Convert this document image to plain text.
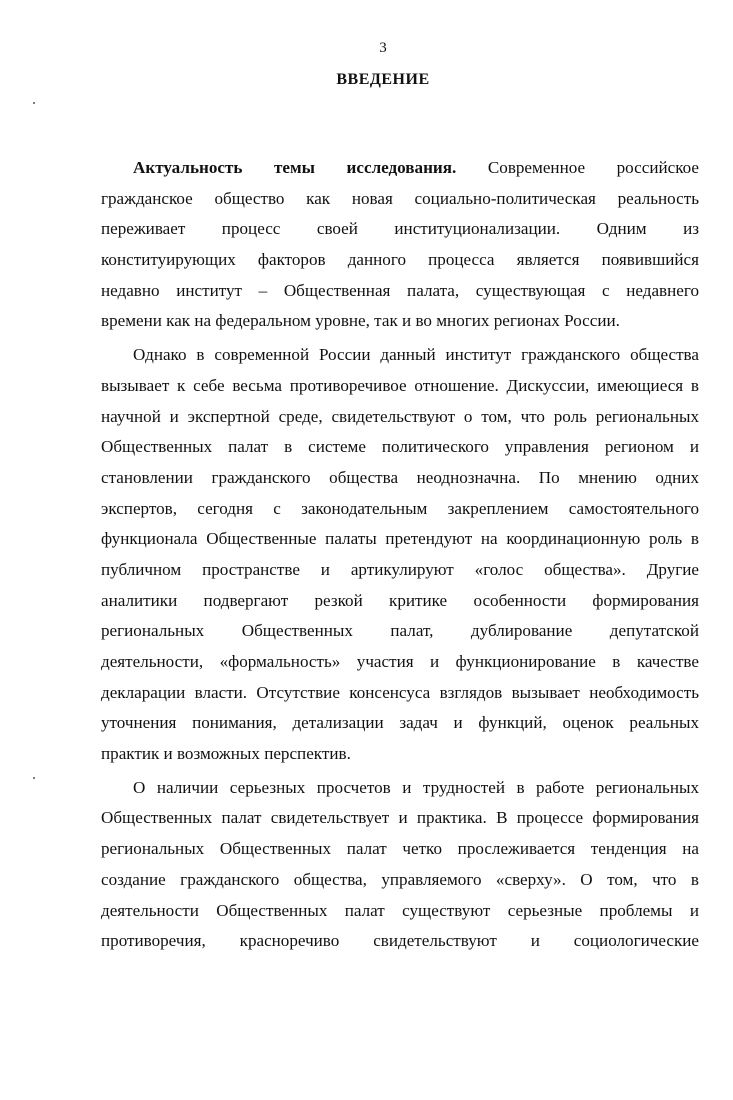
3
ВВЕДЕНИЕ
Актуальность темы исследования. Современное российское
гражданское общество как новая социально-политическая реальность
переживает процесс своей институционализации. Одним из
конституирующих факторов данного процесса является появившийся
недавно институт – Общественная палата, существующая с недавнего
времени как на федеральном уровне, так и во многих регионах России.
Однако в современной России данный институт гражданского общества
вызывает к себе весьма противоречивое отношение. Дискуссии, имеющиеся в
научной и экспертной среде, свидетельствуют о том, что роль региональных
Общественных палат в системе политического управления регионом и
становлении гражданского общества неоднозначна. По мнению одних
экспертов, сегодня с законодательным закреплением самостоятельного
функционала Общественные палаты претендуют на координационную роль в
публичном пространстве и артикулируют «голос общества». Другие
аналитики подвергают резкой критике особенности формирования
региональных Общественных палат, дублирование депутатской
деятельности, «формальность» участия и функционирование в качестве
декларации власти. Отсутствие консенсуса взглядов вызывает необходимость
уточнения понимания, детализации задач и функций, оценок реальных
практик и возможных перспектив.
О наличии серьезных просчетов и трудностей в работе региональных
Общественных палат свидетельствует и практика. В процессе формирования
региональных Общественных палат четко прослеживается тенденция на
создание гражданского общества, управляемого «сверху». О том, что в
деятельности Общественных палат существуют серьезные проблемы и
противоречия, красноречиво свидетельствуют и социологические
